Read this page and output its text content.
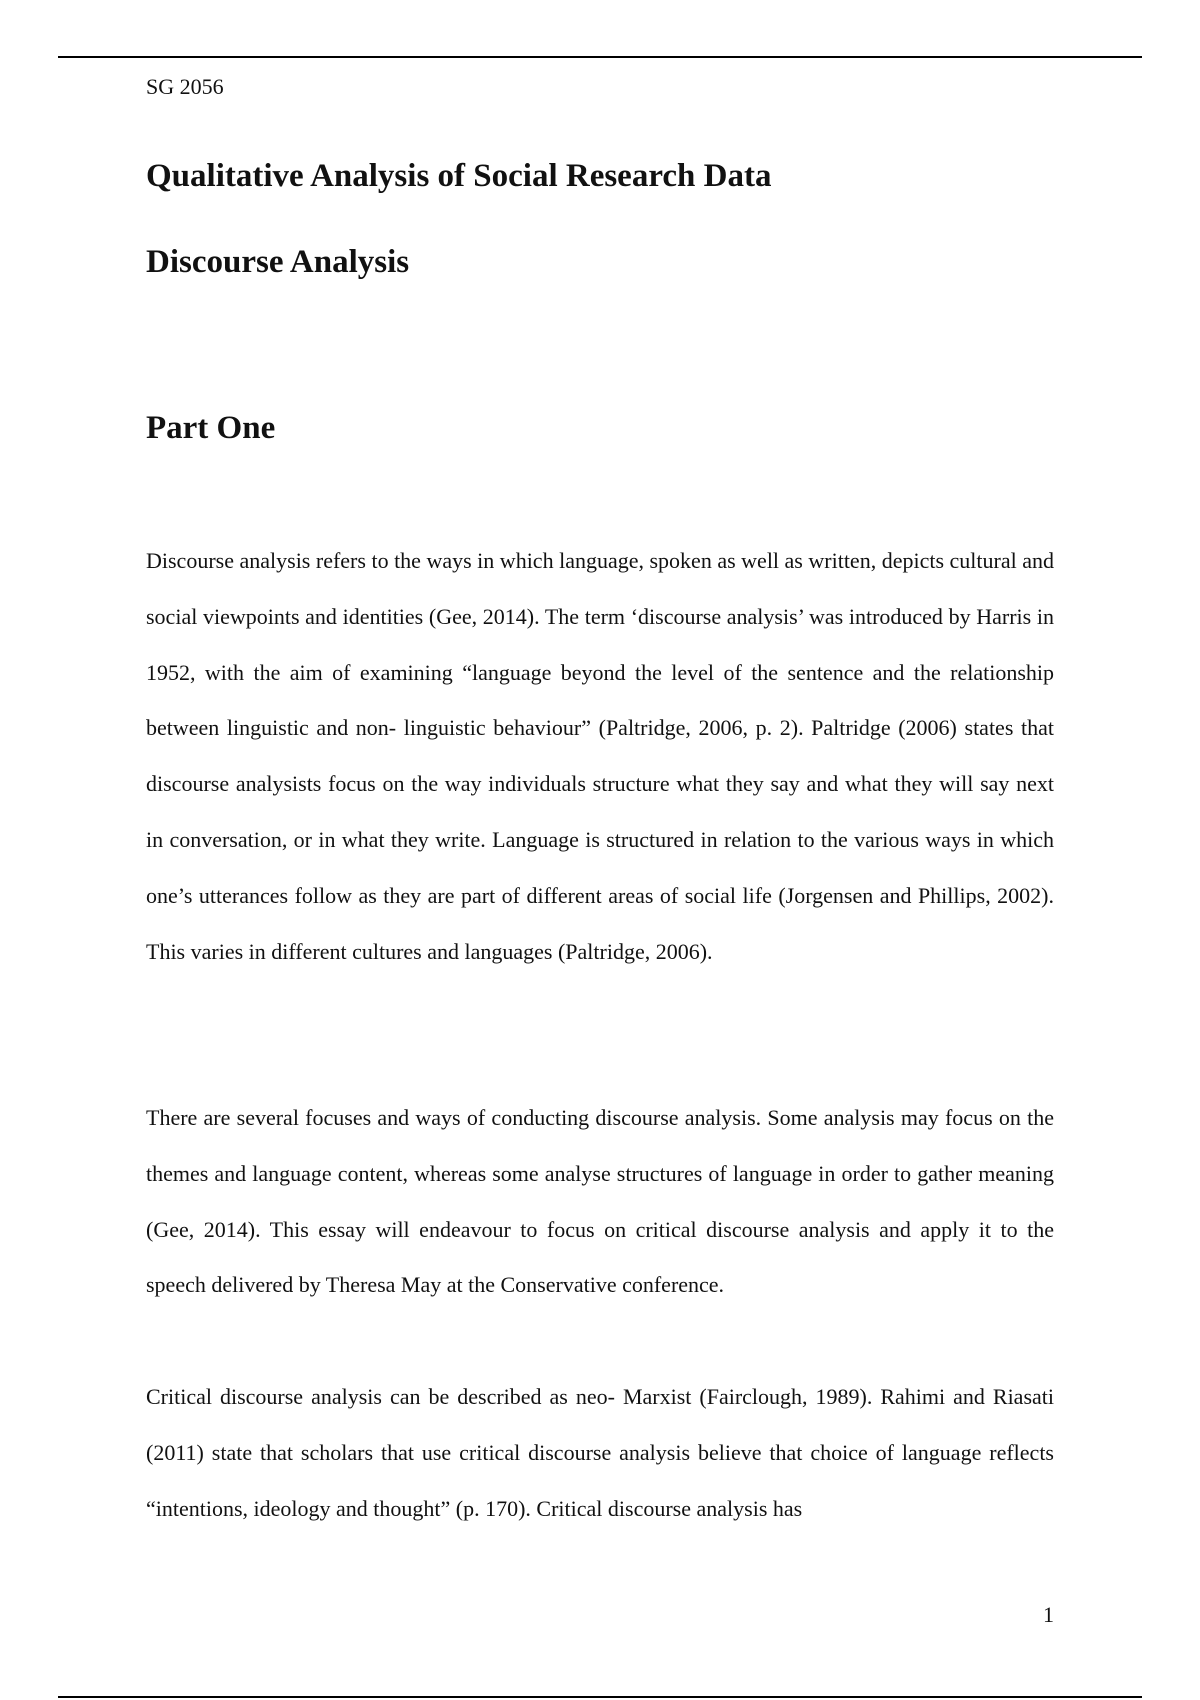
SG 2056
Qualitative Analysis of Social Research Data
Discourse Analysis
Part One

Discourse analysis refers to the ways in which language, spoken as well as written, depicts cultural and social viewpoints and identities (Gee, 2014). The term ‘discourse analysis’ was introduced by Harris in 1952, with the aim of examining “language beyond the level of the sentence and the relationship between linguistic and non- linguistic behaviour” (Paltridge, 2006, p. 2). Paltridge (2006) states that discourse analysists focus on the way individuals structure what they say and what they will say next in conversation, or in what they write. Language is structured in relation to the various ways in which one’s utterances follow as they are part of different areas of social life (Jorgensen and Phillips, 2002). This varies in different cultures and languages (Paltridge, 2006).

There are several focuses and ways of conducting discourse analysis. Some analysis may focus on the themes and language content, whereas some analyse structures of language in order to gather meaning (Gee, 2014). This essay will endeavour to focus on critical discourse analysis and apply it to the speech delivered by Theresa May at the Conservative conference.

Critical discourse analysis can be described as neo- Marxist (Fairclough, 1989). Rahimi and Riasati (2011) state that scholars that use critical discourse analysis believe that choice of language reflects “intentions, ideology and thought” (p. 170). Critical discourse analysis has

1
